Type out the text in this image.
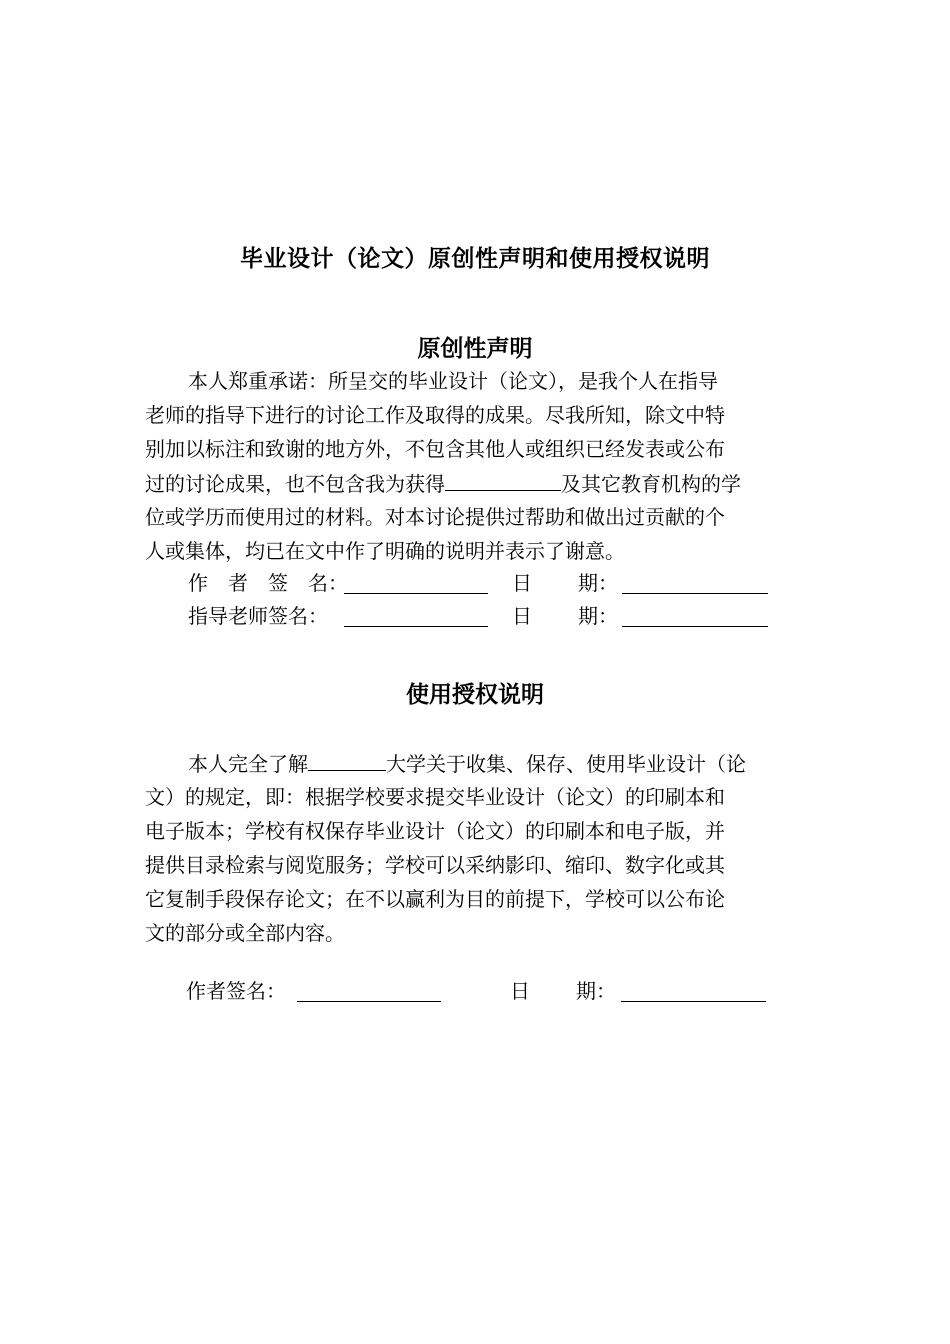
毕业设计（论文）原创性声明和使用授权说明
原创性声明
本人郑重承诺：所呈交的毕业设计（论文），是我个人在指导
老师的指导下进行的讨论工作及取得的成果。尽我所知，除文中特
别加以标注和致谢的地方外，不包含其他人或组织已经发表或公布
过的讨论成果，也不包含我为获得	及其它教育机构的学
位或学历而使用过的材料。对本讨论提供过帮助和做出过贡献的个
人或集体，均已在文中作了明确的说明并表示了谢意。
作　者　签　名：	日 期：
指导老师签名：	日 期：
使用授权说明
本人完全了解	大学关于收集、保存、使用毕业设计（论
文）的规定，即：根据学校要求提交毕业设计（论文）的印刷本和
电子版本；学校有权保存毕业设计（论文）的印刷本和电子版，并
提供目录检索与阅览服务；学校可以采纳影印、缩印、数字化或其
它复制手段保存论文；在不以赢利为目的前提下，学校可以公布论
文的部分或全部内容。
作者签名：	日 期：
